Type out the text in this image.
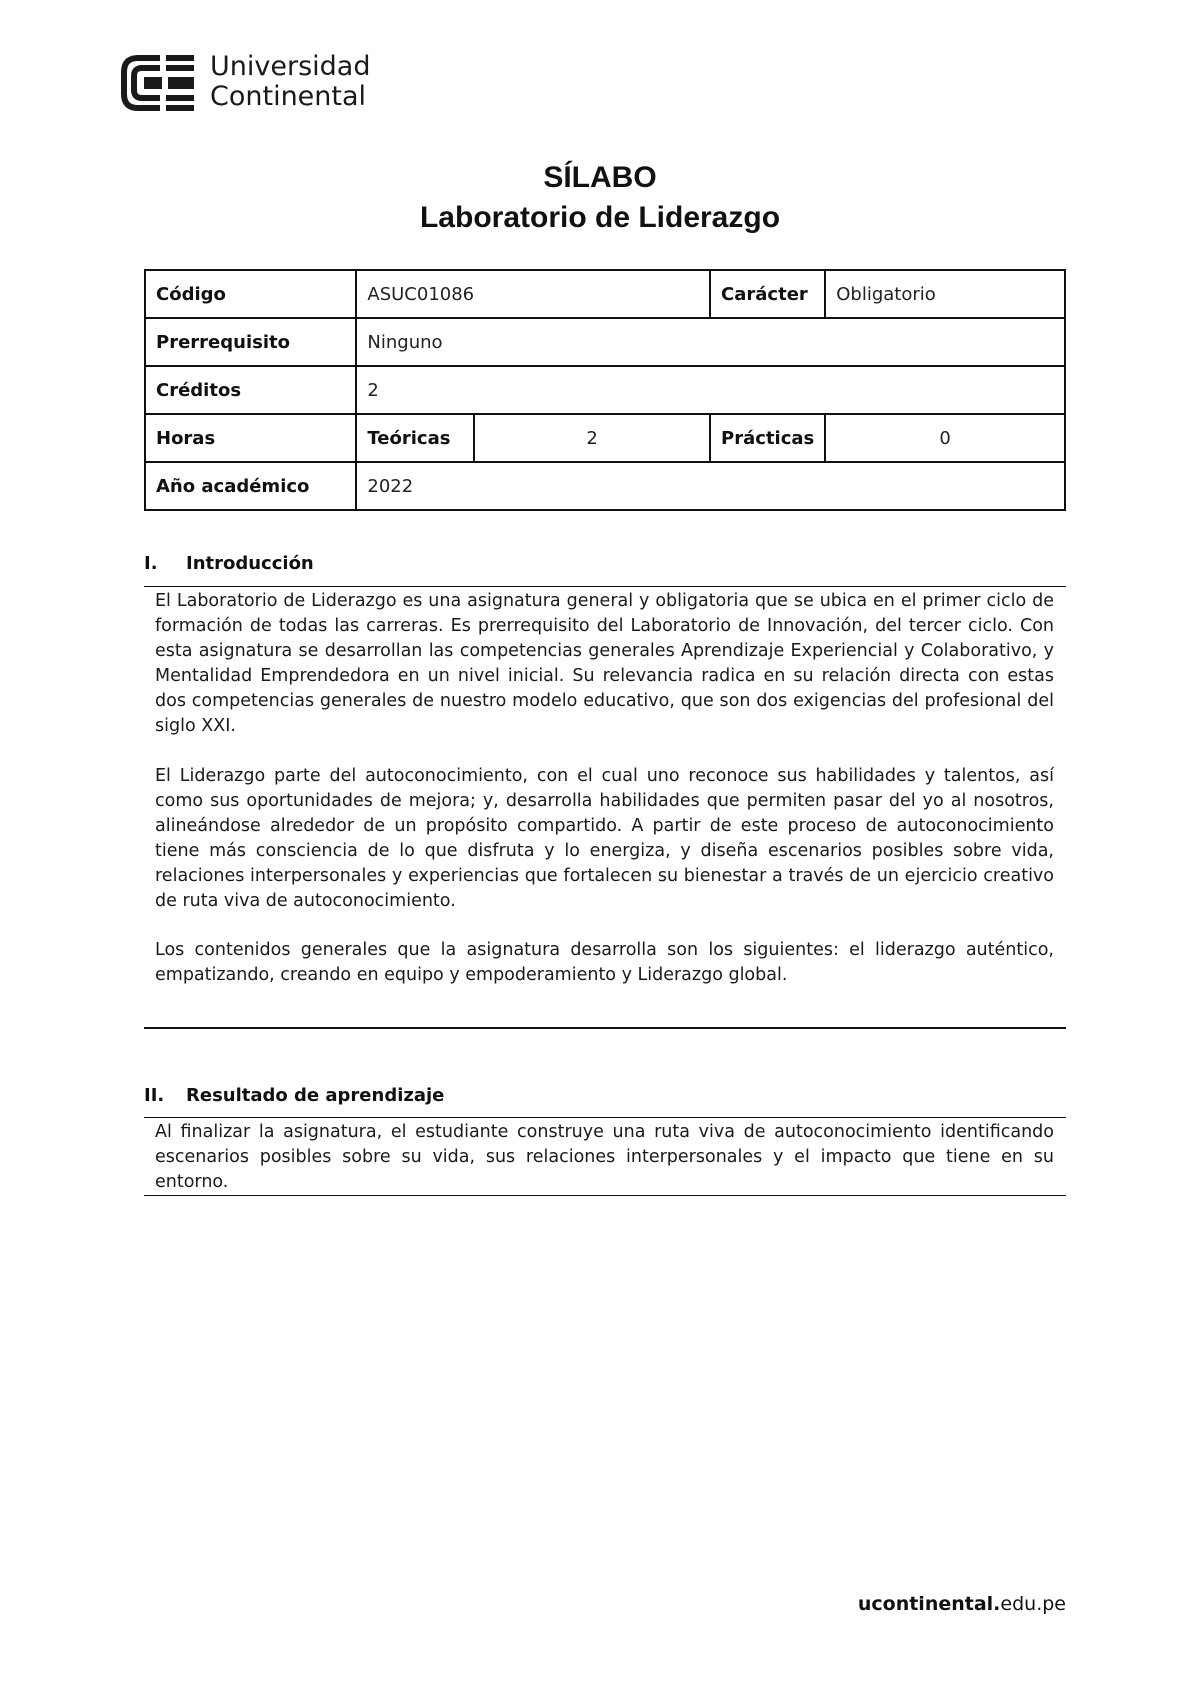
Universidad
Continental
SÍLABO
Laboratorio de Liderazgo
Código	ASUC01086		Carácter	Obligatorio
Prerrequisito	Ninguno			
Créditos	2			
Horas	Teóricas	2	Prácticas	0
Año académico	2022			
I. Introducción

El Laboratorio de Liderazgo es una asignatura general y obligatoria que se ubica en el primer ciclo de formación de todas las carreras. Es prerrequisito del Laboratorio de Innovación, del tercer ciclo. Con esta asignatura se desarrollan las competencias generales Aprendizaje Experiencial y Colaborativo, y Mentalidad Emprendedora en un nivel inicial. Su relevancia radica en su relación directa con estas dos competencias generales de nuestro modelo educativo, que son dos exigencias del profesional del siglo XXI.

El Liderazgo parte del autoconocimiento, con el cual uno reconoce sus habilidades y talentos, así como sus oportunidades de mejora; y, desarrolla habilidades que permiten pasar del yo al nosotros, alineándose alrededor de un propósito compartido. A partir de este proceso de autoconocimiento tiene más consciencia de lo que disfruta y lo energiza, y diseña escenarios posibles sobre vida, relaciones interpersonales y experiencias que fortalecen su bienestar a través de un ejercicio creativo de ruta viva de autoconocimiento.

Los contenidos generales que la asignatura desarrolla son los siguientes: el liderazgo auténtico, empatizando, creando en equipo y empoderamiento y Liderazgo global.

II. Resultado de aprendizaje

Al finalizar la asignatura, el estudiante construye una ruta viva de autoconocimiento identificando escenarios posibles sobre su vida, sus relaciones interpersonales y el impacto que tiene en su entorno.

ucontinental.edu.pe
